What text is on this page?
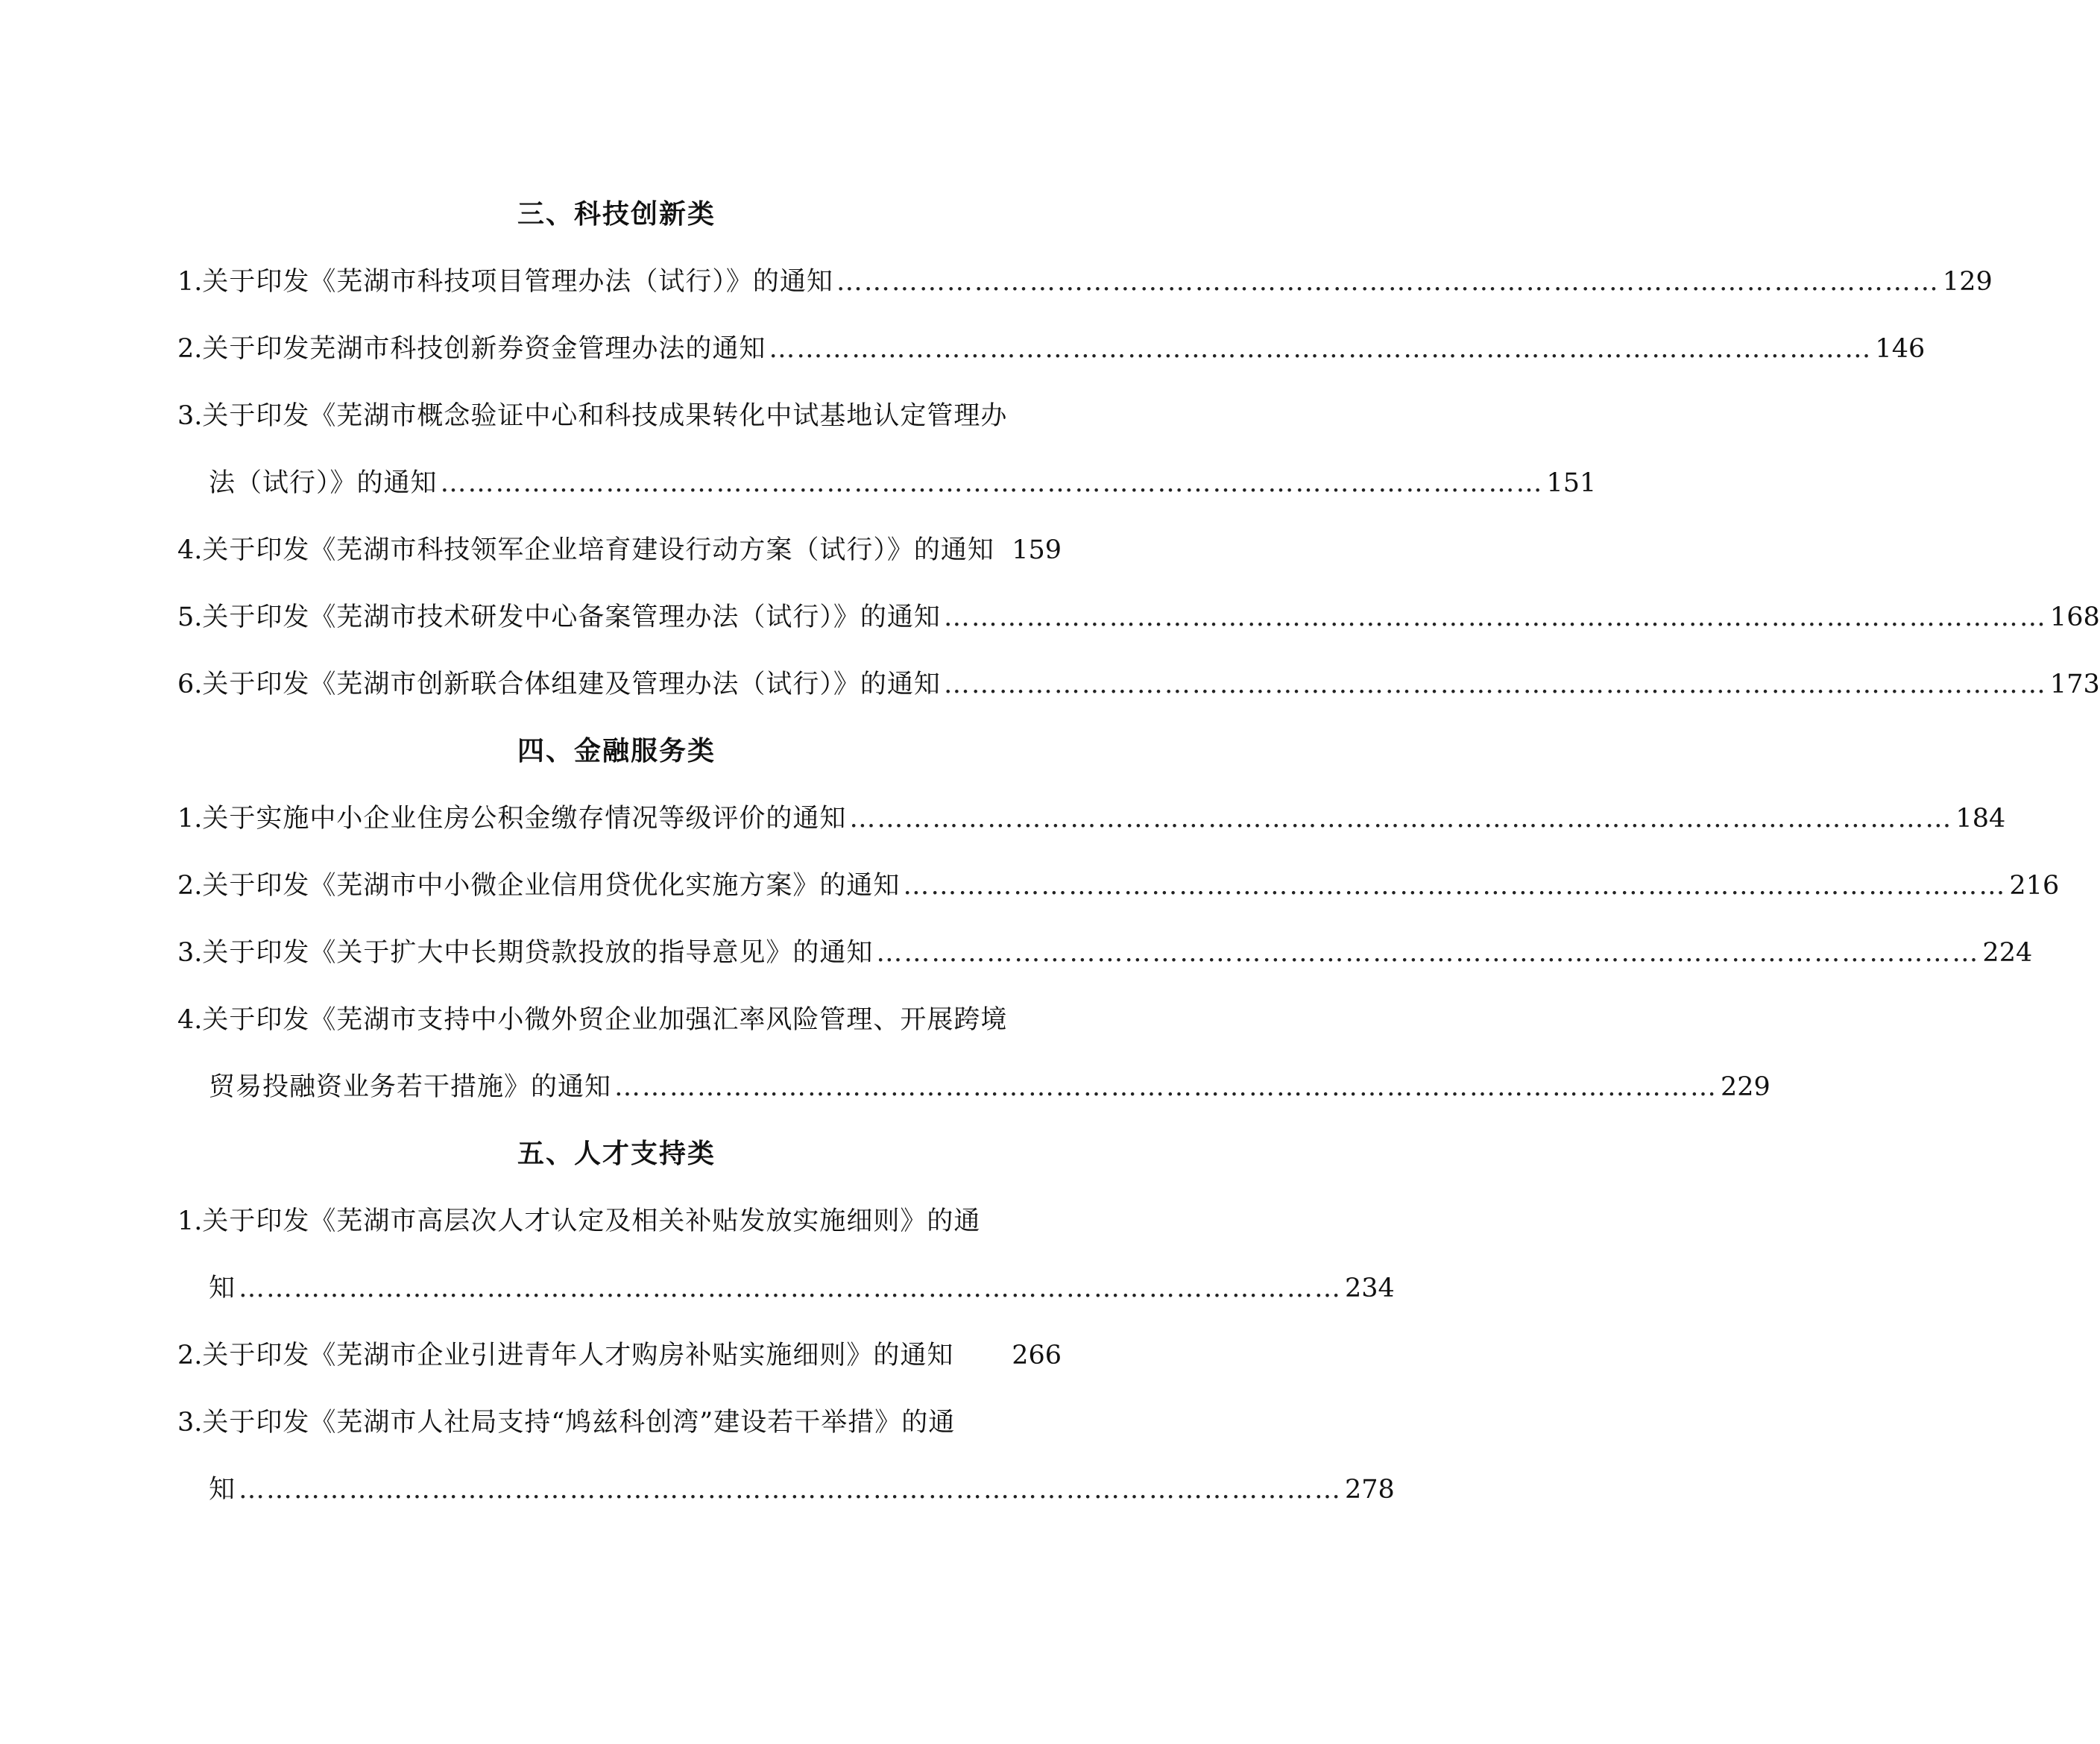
三、科技创新类
1. 关于印发《芜湖市科技项目管理办法（试行）》的通知 ………………………………………………………………………………………………………… 129
2. 关于印发芜湖市科技创新券资金管理办法的通知 ………………………………………………………………………………………………………… 146
3. 关于印发《芜湖市概念验证中心和科技成果转化中试基地认定管理办
法（试行）》的通知 ………………………………………………………………………………………………………… 151
4. 关于印发《芜湖市科技领军企业培育建设行动方案（试行）》的通知 159
5. 关于印发《芜湖市技术研发中心备案管理办法（试行）》的通知 ………………………………………………………………………………………………………… 168
6. 关于印发《芜湖市创新联合体组建及管理办法（试行）》的通知 ………………………………………………………………………………………………………… 173
四、金融服务类
1. 关于实施中小企业住房公积金缴存情况等级评价的通知 ………………………………………………………………………………………………………… 184
2. 关于印发《芜湖市中小微企业信用贷优化实施方案》的通知 ………………………………………………………………………………………………………… 216
3. 关于印发《关于扩大中长期贷款投放的指导意见》的通知 ………………………………………………………………………………………………………… 224
4. 关于印发《芜湖市支持中小微外贸企业加强汇率风险管理、开展跨境
贸易投融资业务若干措施》的通知 ………………………………………………………………………………………………………… 229
五、人才支持类
1. 关于印发《芜湖市高层次人才认定及相关补贴发放实施细则》的通
知 ………………………………………………………………………………………………………… 234
2. 关于印发《芜湖市企业引进青年人才购房补贴实施细则》的通知 266
3. 关于印发《芜湖市人社局支持“鸠兹科创湾”建设若干举措》的通
知 ………………………………………………………………………………………………………… 278
